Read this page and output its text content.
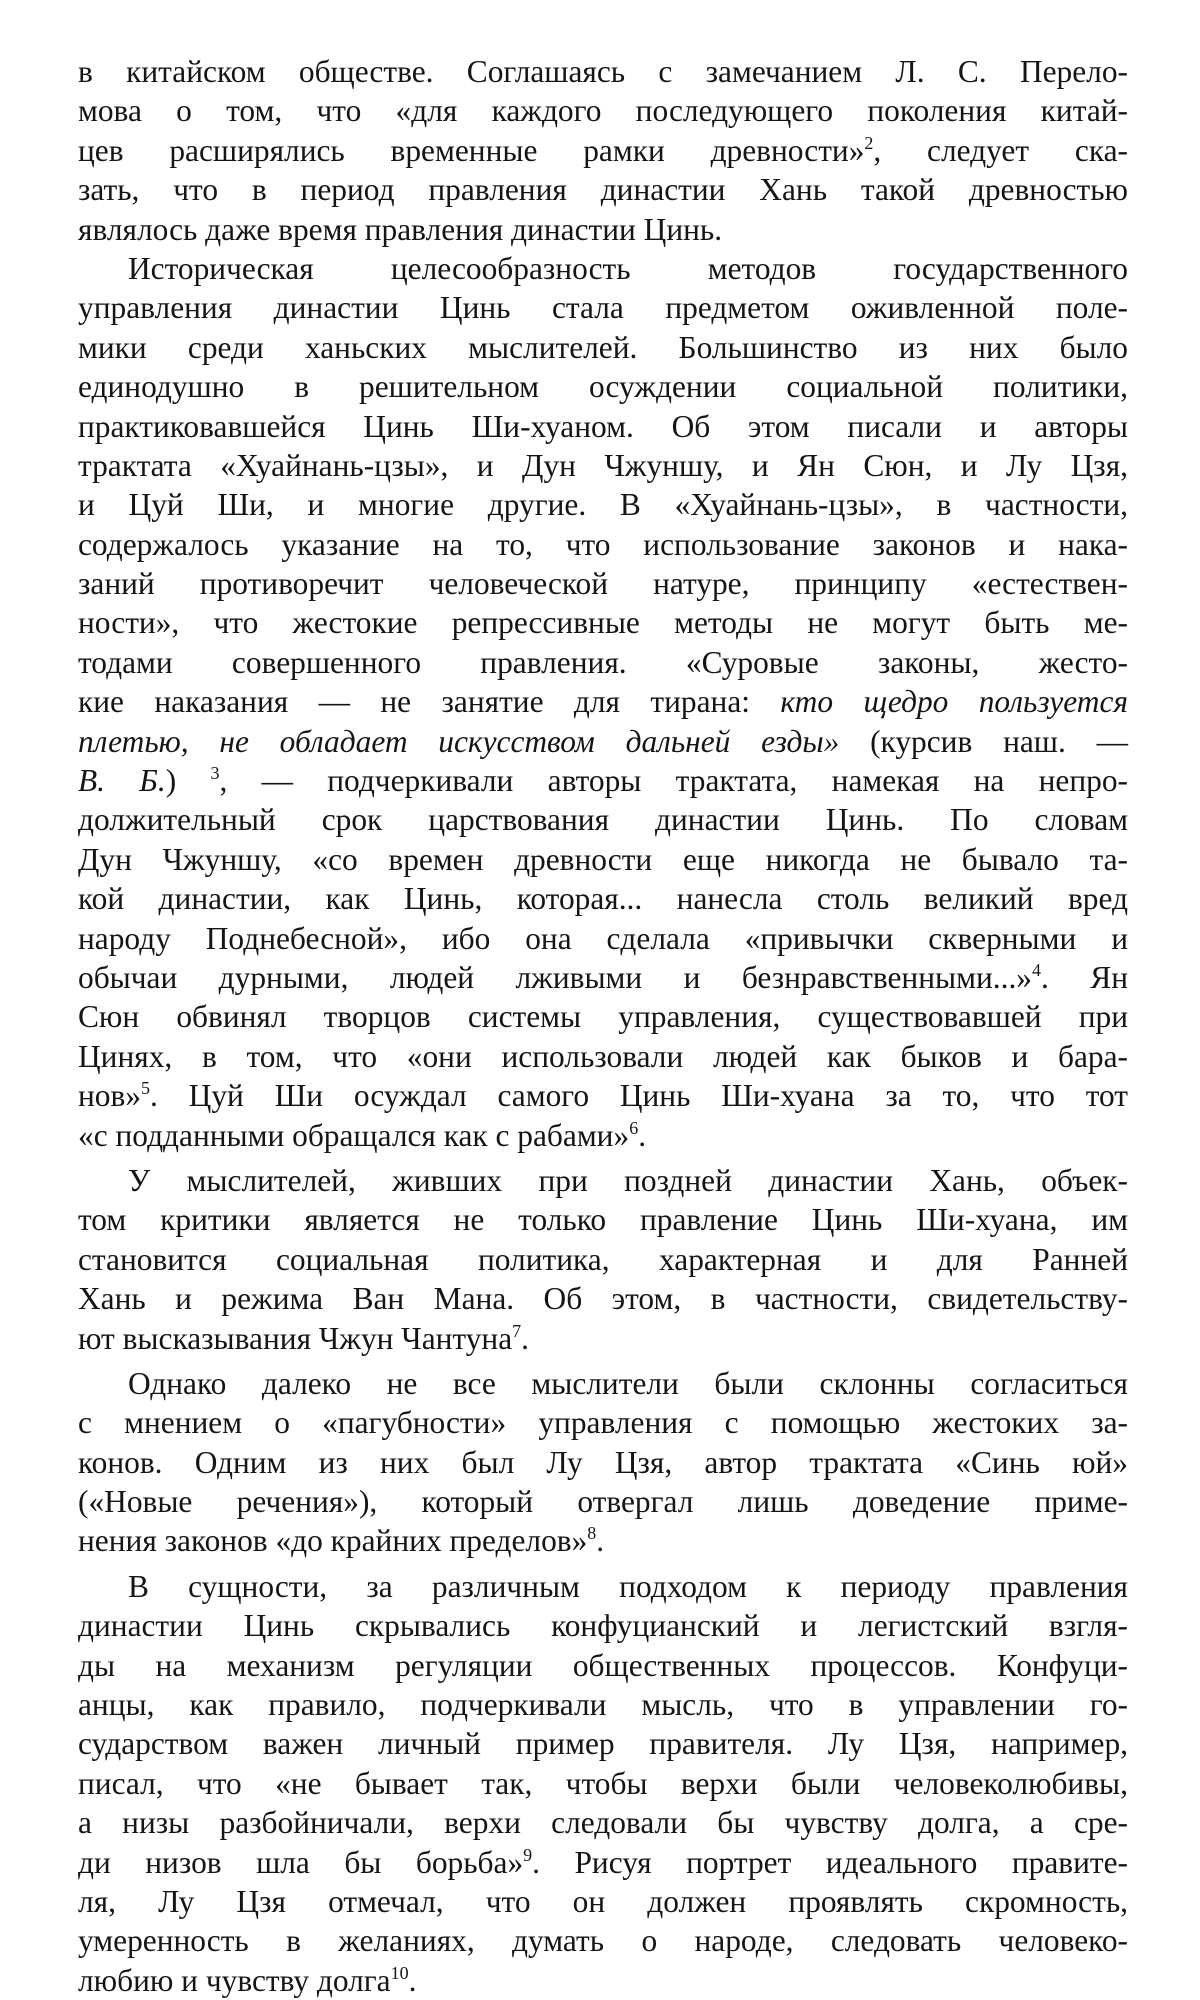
в китайском обществе. Соглашаясь с замечанием Л. С. Перело-
мова о том, что «для каждого последующего поколения китай-
цев расширялись временные рамки древности»$^2$, следует ска-
зать, что в период правления династии Хань такой древностью
являлось даже время правления династии Цинь.
Историческая целесообразность методов государственного
управления династии Цинь стала предметом оживленной поле-
мики среди ханьских мыслителей. Большинство из них было
единодушно в решительном осуждении социальной политики,
практиковавшейся Цинь Ши-хуаном. Об этом писали и авторы
трактата «Хуайнань-цзы», и Дун Чжуншу, и Ян Сюн, и Лу Цзя,
и Цуй Ши, и многие другие. В «Хуайнань-цзы», в частности,
содержалось указание на то, что использование законов и нака-
заний противоречит человеческой натуре, принципу «естествен-
ности», что жестокие репрессивные методы не могут быть ме-
тодами совершенного правления. «Суровые законы, жесто-
кие наказания — не занятие для тирана: кто щедро пользуется
плетью, не обладает искусством дальней езды» (курсив наш. —
В. Б.) $^3$, — подчеркивали авторы трактата, намекая на непро-
должительный срок царствования династии Цинь. По словам
Дун Чжуншу, «со времен древности еще никогда не бывало та-
кой династии, как Цинь, которая... нанесла столь великий вред
народу Поднебесной», ибо она сделала «привычки скверными и
обычаи дурными, людей лживыми и безнравственными...»$^4$. Ян
Сюн обвинял творцов системы управления, существовавшей при
Цинях, в том, что «они использовали людей как быков и бара-
нов»$^5$. Цуй Ши осуждал самого Цинь Ши-хуана за то, что тот
«с подданными обращался как с рабами»$^6$.
У мыслителей, живших при поздней династии Хань, объек-
том критики является не только правление Цинь Ши-хуана, им
становится социальная политика, характерная и для Ранней
Хань и режима Ван Мана. Об этом, в частности, свидетельству-
ют высказывания Чжун Чантуна$^7$.
Однако далеко не все мыслители были склонны согласиться
с мнением о «пагубности» управления с помощью жестоких за-
конов. Одним из них был Лу Цзя, автор трактата «Синь юй»
(«Новые речения»), который отвергал лишь доведение приме-
нения законов «до крайних пределов»$^8$.
В сущности, за различным подходом к периоду правления
династии Цинь скрывались конфуцианский и легистский взгля-
ды на механизм регуляции общественных процессов. Конфуци-
анцы, как правило, подчеркивали мысль, что в управлении го-
сударством важен личный пример правителя. Лу Цзя, например,
писал, что «не бывает так, чтобы верхи были человеколюбивы,
а низы разбойничали, верхи следовали бы чувству долга, а сре-
ди низов шла бы борьба»$^9$. Рисуя портрет идеального правите-
ля, Лу Цзя отмечал, что он должен проявлять скромность,
умеренность в желаниях, думать о народе, следовать человеко-
любию и чувству долга$^{10}$.
